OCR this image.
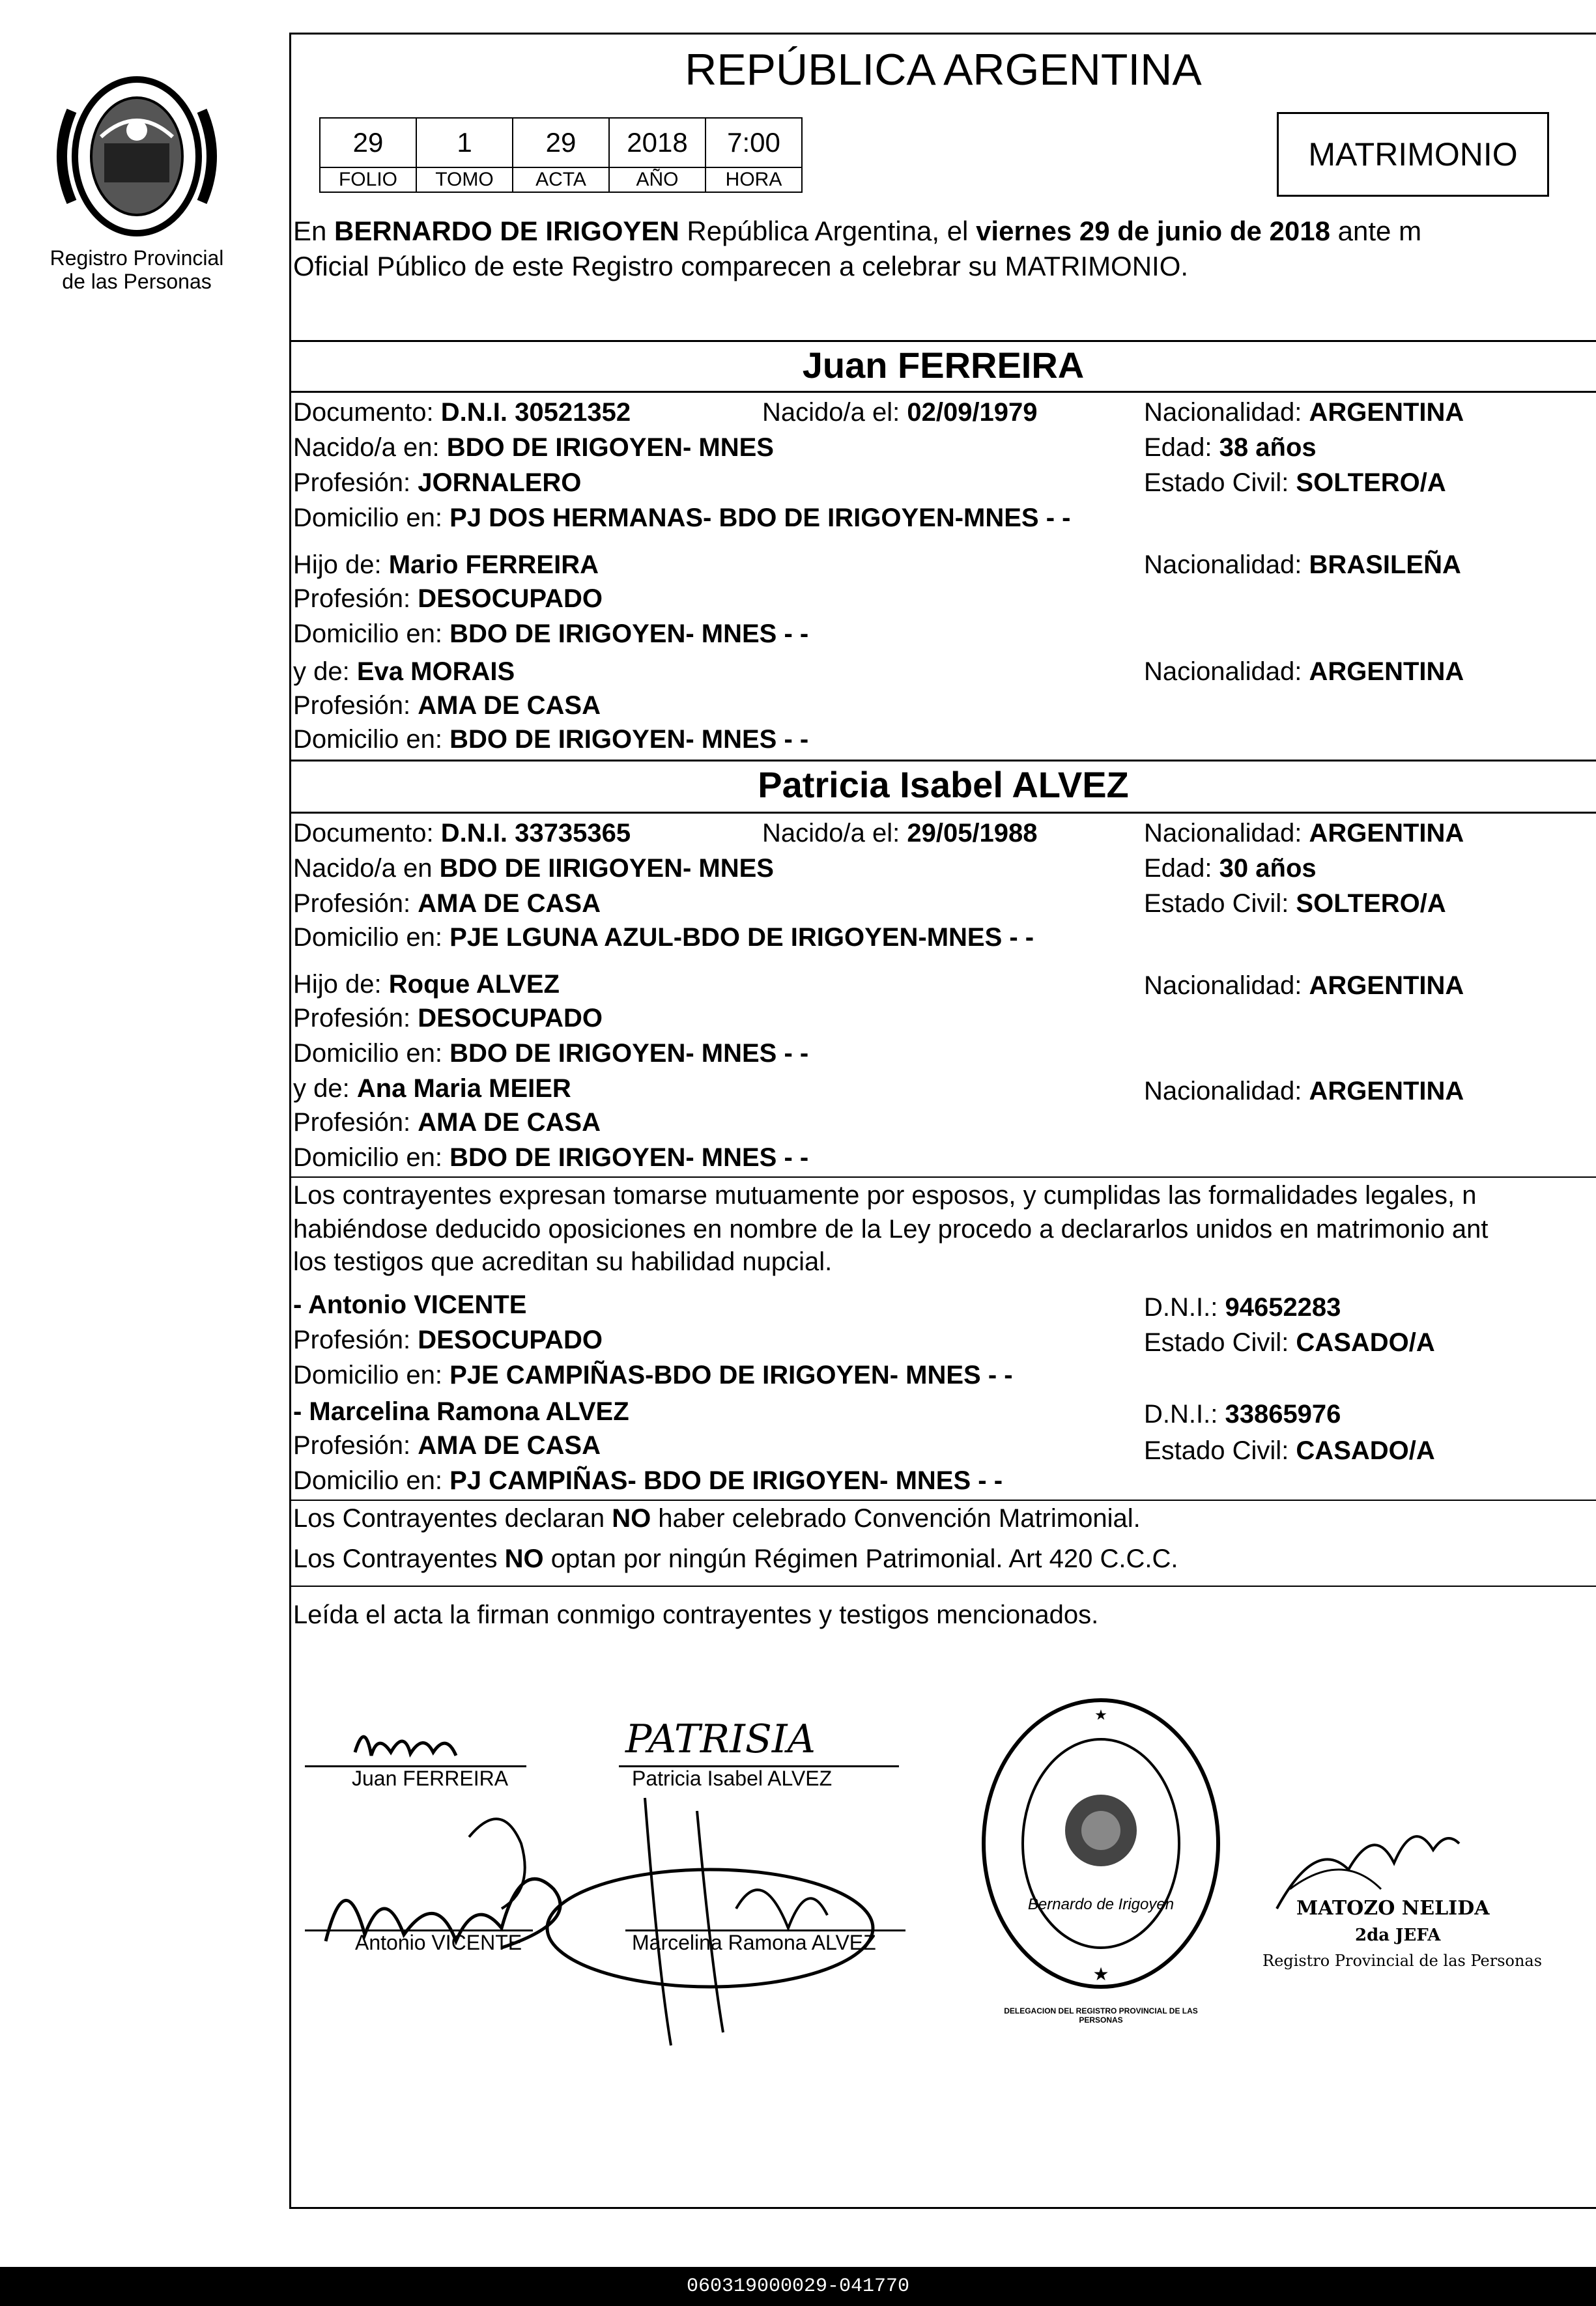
Registro Provincial
de las Personas
REPÚBLICA ARGENTINA
29	1	29	2018	7:00
FOLIO	TOMO	ACTA	AÑO	HORA
MATRIMONIO
En BERNARDO DE IRIGOYEN República Argentina, el viernes 29 de junio de 2018 ante m
Oficial Público de este Registro comparecen a celebrar su MATRIMONIO.
Juan FERREIRA
Documento: D.N.I. 30521352	Nacido/a el: 02/09/1979	Nacionalidad: ARGENTINA
Nacido/a en: BDO DE IRIGOYEN- MNES	Edad: 38 años
Profesión: JORNALERO	Estado Civil: SOLTERO/A
Domicilio en: PJ DOS HERMANAS- BDO DE IRIGOYEN-MNES - -
Hijo de: Mario FERREIRA	Nacionalidad: BRASILEÑA
Profesión: DESOCUPADO
Domicilio en: BDO DE IRIGOYEN- MNES - -
y de: Eva MORAIS	Nacionalidad: ARGENTINA
Profesión: AMA DE CASA
Domicilio en: BDO DE IRIGOYEN- MNES - -
Patricia Isabel ALVEZ
Documento: D.N.I. 33735365	Nacido/a el: 29/05/1988	Nacionalidad: ARGENTINA
Nacido/a en BDO DE IIRIGOYEN- MNES	Edad: 30 años
Profesión: AMA DE CASA	Estado Civil: SOLTERO/A
Domicilio en: PJE LGUNA AZUL-BDO DE IRIGOYEN-MNES - -
Hijo de: Roque ALVEZ	Nacionalidad: ARGENTINA
Profesión: DESOCUPADO
Domicilio en: BDO DE IRIGOYEN- MNES - -
y de: Ana Maria MEIER	Nacionalidad: ARGENTINA
Profesión: AMA DE CASA
Domicilio en: BDO DE IRIGOYEN- MNES - -
Los contrayentes expresan tomarse mutuamente por esposos, y cumplidas las formalidades legales, n
habiéndose deducido oposiciones en nombre de la Ley procedo a declararlos unidos en matrimonio ant
los testigos que acreditan su habilidad nupcial.
- Antonio VICENTE	D.N.I.: 94652283
Profesión: DESOCUPADO	Estado Civil: CASADO/A
Domicilio en: PJE CAMPIÑAS-BDO DE IRIGOYEN- MNES - -
- Marcelina Ramona ALVEZ	D.N.I.: 33865976
Profesión: AMA DE CASA	Estado Civil: CASADO/A
Domicilio en: PJ CAMPIÑAS- BDO DE IRIGOYEN- MNES - -
Los Contrayentes declaran NO haber celebrado Convención Matrimonial.
Los Contrayentes NO optan por ningún Régimen Patrimonial. Art 420 C.C.C.
Leída el acta la firman conmigo contrayentes y testigos mencionados.
PATRISIA
Juan FERREIRA	Patricia Isabel ALVEZ
Antonio VICENTE	Marcelina Ramona ALVEZ
★
★
DELEGACION DEL REGISTRO PROVINCIAL DE LAS PERSONAS
Bernardo de Irigoyen	MATOZO NELIDA
2da JEFA
Registro Provincial de las Personas
060319000029-041770
